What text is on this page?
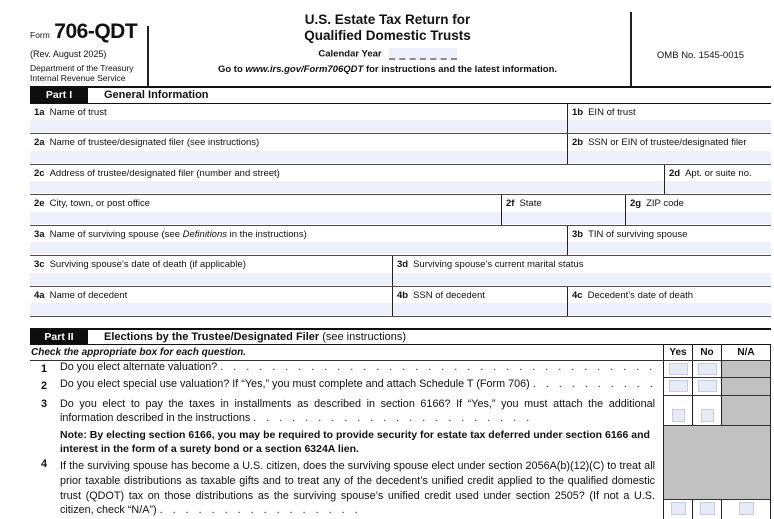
Form 706-QDT
(Rev. August 2025)
Department of the Treasury
Internal Revenue Service
U.S. Estate Tax Return for
Qualified Domestic Trusts
Calendar Year
Go to www.irs.gov/Form706QDT for instructions and the latest information.
OMB No. 1545-0015
Part I	General Information
1a Name of trust	1b EIN of trust
2a Name of trustee/designated filer (see instructions)	2b SSN or EIN of trustee/designated filer
2c Address of trustee/designated filer (number and street)	2d Apt. or suite no.
2e City, town, or post office	2f State	2g ZIP code
3a Name of surviving spouse (see Definitions in the instructions)	3b TIN of surviving spouse
3c Surviving spouse’s date of death (if applicable)	3d Surviving spouse’s current marital status
4a Name of decedent	4b SSN of decedent	4c Decedent’s date of death
Part II	Elections by the Trustee/Designated Filer (see instructions)
Check the appropriate box for each question.	Yes	No	N/A
1	Do you elect alternate valuation? ..................................
2	Do you elect special use valuation? If “Yes,” you must complete and attach Schedule T (Form 706) ..........
3	Do you elect to pay the taxes in installments as described in section 6166? If “Yes,” you must attach the additional information described in the instructions ......................
Note: By electing section 6166, you may be required to provide security for estate tax deferred under section 6166 and interest in the form of a surety bond or a section 6324A lien.
4	If the surviving spouse has become a U.S. citizen, does the surviving spouse elect under section 2056A(b)(12)(C) to treat all prior taxable distributions as taxable gifts and to treat any of the decedent’s unified credit applied to the qualified domestic trust (QDOT) tax on those distributions as the surviving spouse’s unified credit used under section 2505? (If not a U.S. citizen, check “N/A”) ................
